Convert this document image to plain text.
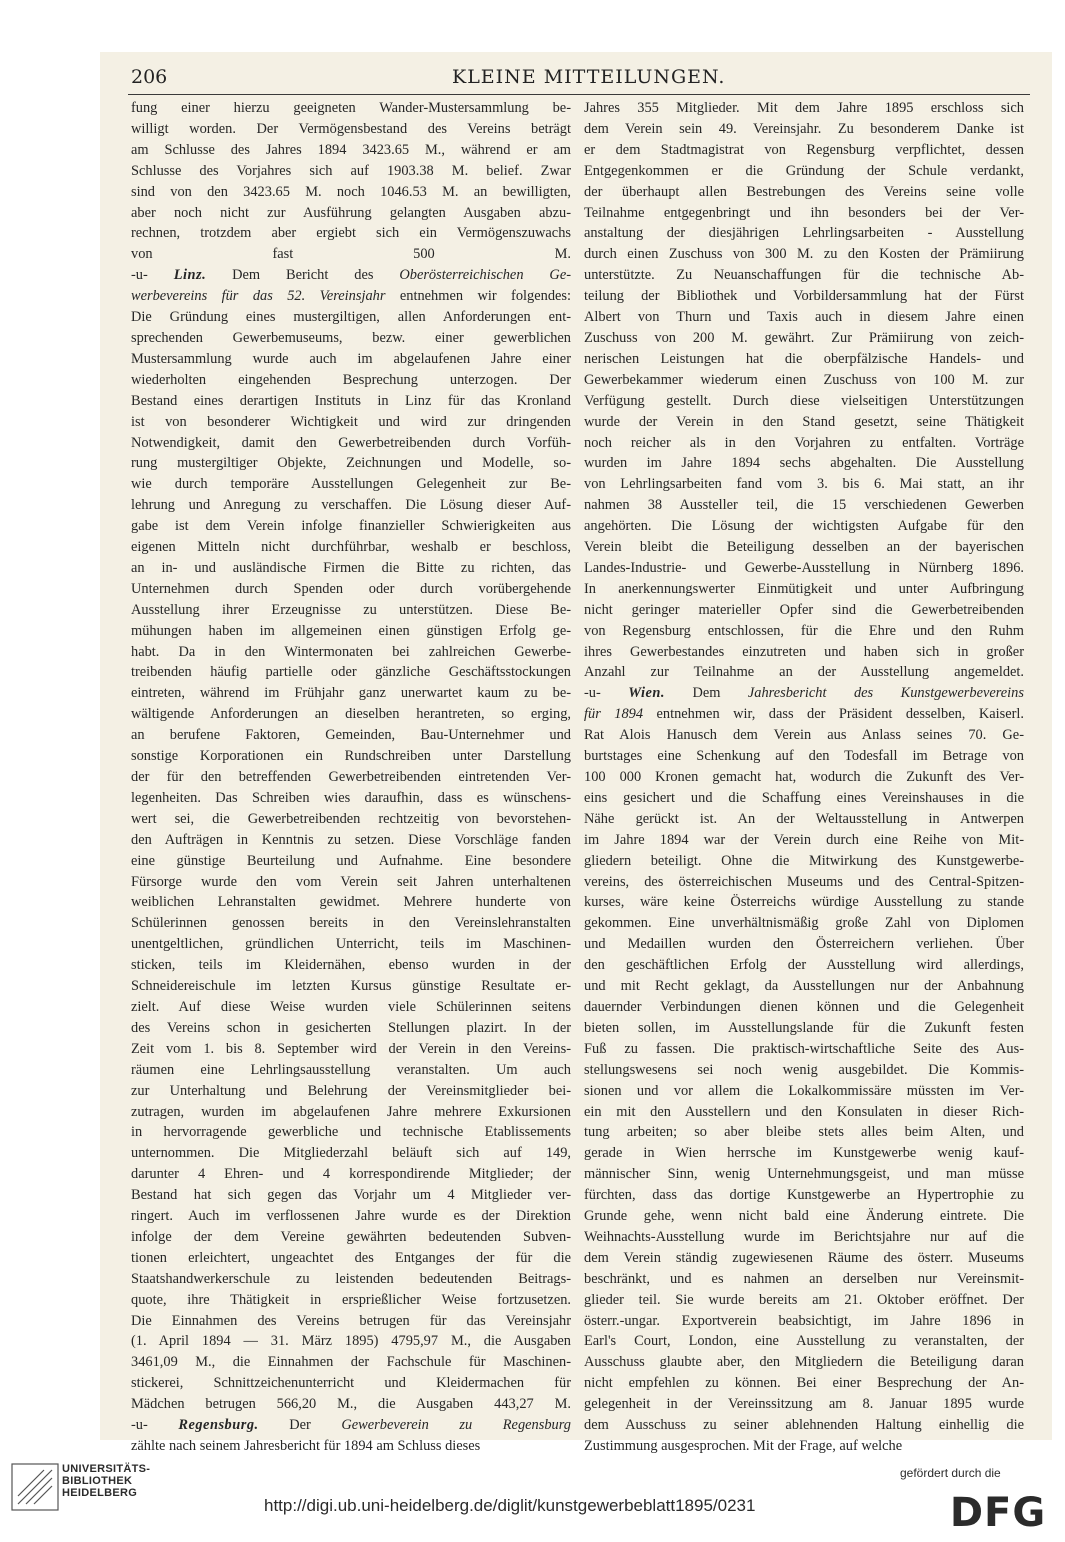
206	KLEINE MITTEILUNGEN.
fung einer hierzu geeigneten Wander-Mustersammlung be-
willigt worden. Der Vermögensbestand des Vereins beträgt
am Schlusse des Jahres 1894 3423.65 M., während er am
Schlusse des Vorjahres sich auf 1903.38 M. belief. Zwar
sind von den 3423.65 M. noch 1046.53 M. an bewilligten,
aber noch nicht zur Ausführung gelangten Ausgaben abzu-
rechnen, trotzdem aber ergiebt sich ein Vermögenszuwachs
von fast 500 M.
-u- Linz. Dem Bericht des Oberösterreichischen Ge-
werbevereins für das 52. Vereinsjahr entnehmen wir folgendes:
Die Gründung eines mustergiltigen, allen Anforderungen ent-
sprechenden Gewerbemuseums, bezw. einer gewerblichen
Mustersammlung wurde auch im abgelaufenen Jahre einer
wiederholten eingehenden Besprechung unterzogen. Der
Bestand eines derartigen Instituts in Linz für das Kronland
ist von besonderer Wichtigkeit und wird zur dringenden
Notwendigkeit, damit den Gewerbetreibenden durch Vorfüh-
rung mustergiltiger Objekte, Zeichnungen und Modelle, so-
wie durch temporäre Ausstellungen Gelegenheit zur Be-
lehrung und Anregung zu verschaffen. Die Lösung dieser Auf-
gabe ist dem Verein infolge finanzieller Schwierigkeiten aus
eigenen Mitteln nicht durchführbar, weshalb er beschloss,
an in- und ausländische Firmen die Bitte zu richten, das
Unternehmen durch Spenden oder durch vorübergehende
Ausstellung ihrer Erzeugnisse zu unterstützen. Diese Be-
mühungen haben im allgemeinen einen günstigen Erfolg ge-
habt. Da in den Wintermonaten bei zahlreichen Gewerbe-
treibenden häufig partielle oder gänzliche Geschäftsstockungen
eintreten, während im Frühjahr ganz unerwartet kaum zu be-
wältigende Anforderungen an dieselben herantreten, so erging,
an berufene Faktoren, Gemeinden, Bau-Unternehmer und
sonstige Korporationen ein Rundschreiben unter Darstellung
der für den betreffenden Gewerbetreibenden eintretenden Ver-
legenheiten. Das Schreiben wies daraufhin, dass es wünschens-
wert sei, die Gewerbetreibenden rechtzeitig von bevorstehen-
den Aufträgen in Kenntnis zu setzen. Diese Vorschläge fanden
eine günstige Beurteilung und Aufnahme. Eine besondere
Fürsorge wurde den vom Verein seit Jahren unterhaltenen
weiblichen Lehranstalten gewidmet. Mehrere hunderte von
Schülerinnen genossen bereits in den Vereinslehranstalten
unentgeltlichen, gründlichen Unterricht, teils im Maschinen-
sticken, teils im Kleidernähen, ebenso wurden in der
Schneidereischule im letzten Kursus günstige Resultate er-
zielt. Auf diese Weise wurden viele Schülerinnen seitens
des Vereins schon in gesicherten Stellungen plazirt. In der
Zeit vom 1. bis 8. September wird der Verein in den Vereins-
räumen eine Lehrlingsausstellung veranstalten. Um auch
zur Unterhaltung und Belehrung der Vereinsmitglieder bei-
zutragen, wurden im abgelaufenen Jahre mehrere Exkursionen
in hervorragende gewerbliche und technische Etablissements
unternommen. Die Mitgliederzahl beläuft sich auf 149,
darunter 4 Ehren- und 4 korrespondirende Mitglieder; der
Bestand hat sich gegen das Vorjahr um 4 Mitglieder ver-
ringert. Auch im verflossenen Jahre wurde es der Direktion
infolge der dem Vereine gewährten bedeutenden Subven-
tionen erleichtert, ungeachtet des Entganges der für die
Staatshandwerkerschule zu leistenden bedeutenden Beitrags-
quote, ihre Thätigkeit in ersprießlicher Weise fortzusetzen.
Die Einnahmen des Vereins betrugen für das Vereinsjahr
(1. April 1894 — 31. März 1895) 4795,97 M., die Ausgaben
3461,09 M., die Einnahmen der Fachschule für Maschinen-
stickerei, Schnittzeichenunterricht und Kleidermachen für
Mädchen betrugen 566,20 M., die Ausgaben 443,27 M.
-u- Regensburg. Der Gewerbeverein zu Regensburg
zählte nach seinem Jahresbericht für 1894 am Schluss dieses
Jahres 355 Mitglieder. Mit dem Jahre 1895 erschloss sich
dem Verein sein 49. Vereinsjahr. Zu besonderem Danke ist
er dem Stadtmagistrat von Regensburg verpflichtet, dessen
Entgegenkommen er die Gründung der Schule verdankt,
der überhaupt allen Bestrebungen des Vereins seine volle
Teilnahme entgegenbringt und ihn besonders bei der Ver-
anstaltung der diesjährigen Lehrlingsarbeiten - Ausstellung
durch einen Zuschuss von 300 M. zu den Kosten der Prämiirung
unterstützte. Zu Neuanschaffungen für die technische Ab-
teilung der Bibliothek und Vorbildersammlung hat der Fürst
Albert von Thurn und Taxis auch in diesem Jahre einen
Zuschuss von 200 M. gewährt. Zur Prämiirung von zeich-
nerischen Leistungen hat die oberpfälzische Handels- und
Gewerbekammer wiederum einen Zuschuss von 100 M. zur
Verfügung gestellt. Durch diese vielseitigen Unterstützungen
wurde der Verein in den Stand gesetzt, seine Thätigkeit
noch reicher als in den Vorjahren zu entfalten. Vorträge
wurden im Jahre 1894 sechs abgehalten. Die Ausstellung
von Lehrlingsarbeiten fand vom 3. bis 6. Mai statt, an ihr
nahmen 38 Aussteller teil, die 15 verschiedenen Gewerben
angehörten. Die Lösung der wichtigsten Aufgabe für den
Verein bleibt die Beteiligung desselben an der bayerischen
Landes-Industrie- und Gewerbe-Ausstellung in Nürnberg 1896.
In anerkennungswerter Einmütigkeit und unter Aufbringung
nicht geringer materieller Opfer sind die Gewerbetreibenden
von Regensburg entschlossen, für die Ehre und den Ruhm
ihres Gewerbestandes einzutreten und haben sich in großer
Anzahl zur Teilnahme an der Ausstellung angemeldet.
-u- Wien. Dem Jahresbericht des Kunstgewerbevereins
für 1894 entnehmen wir, dass der Präsident desselben, Kaiserl.
Rat Alois Hanusch dem Verein aus Anlass seines 70. Ge-
burtstages eine Schenkung auf den Todesfall im Betrage von
100 000 Kronen gemacht hat, wodurch die Zukunft des Ver-
eins gesichert und die Schaffung eines Vereinshauses in die
Nähe gerückt ist. An der Weltausstellung in Antwerpen
im Jahre 1894 war der Verein durch eine Reihe von Mit-
gliedern beteiligt. Ohne die Mitwirkung des Kunstgewerbe-
vereins, des österreichischen Museums und des Central-Spitzen-
kurses, wäre keine Österreichs würdige Ausstellung zu stande
gekommen. Eine unverhältnismäßig große Zahl von Diplomen
und Medaillen wurden den Österreichern verliehen. Über
den geschäftlichen Erfolg der Ausstellung wird allerdings,
und mit Recht geklagt, da Ausstellungen nur der Anbahnung
dauernder Verbindungen dienen können und die Gelegenheit
bieten sollen, im Ausstellungslande für die Zukunft festen
Fuß zu fassen. Die praktisch-wirtschaftliche Seite des Aus-
stellungswesens sei noch wenig ausgebildet. Die Kommis-
sionen und vor allem die Lokalkommissäre müssten im Ver-
ein mit den Ausstellern und den Konsulaten in dieser Rich-
tung arbeiten; so aber bleibe stets alles beim Alten, und
gerade in Wien herrsche im Kunstgewerbe wenig kauf-
männischer Sinn, wenig Unternehmungsgeist, und man müsse
fürchten, dass das dortige Kunstgewerbe an Hypertrophie zu
Grunde gehe, wenn nicht bald eine Änderung eintrete. Die
Weihnachts-Ausstellung wurde im Berichtsjahre nur auf die
dem Verein ständig zugewiesenen Räume des österr. Museums
beschränkt, und es nahmen an derselben nur Vereinsmit-
glieder teil. Sie wurde bereits am 21. Oktober eröffnet. Der
österr.-ungar. Exportverein beabsichtigt, im Jahre 1896 in
Earl's Court, London, eine Ausstellung zu veranstalten, der
Ausschuss glaubte aber, den Mitgliedern die Beteiligung daran
nicht empfehlen zu können. Bei einer Besprechung der An-
gelegenheit in der Vereinssitzung am 8. Januar 1895 wurde
dem Ausschuss zu seiner ablehnenden Haltung einhellig die
Zustimmung ausgesprochen. Mit der Frage, auf welche
UNIVERSITÄTS-
BIBLIOTHEK
HEIDELBERG
http://digi.ub.uni-heidelberg.de/diglit/kunstgewerbeblatt1895/0231
gefördert durch die
DFG
